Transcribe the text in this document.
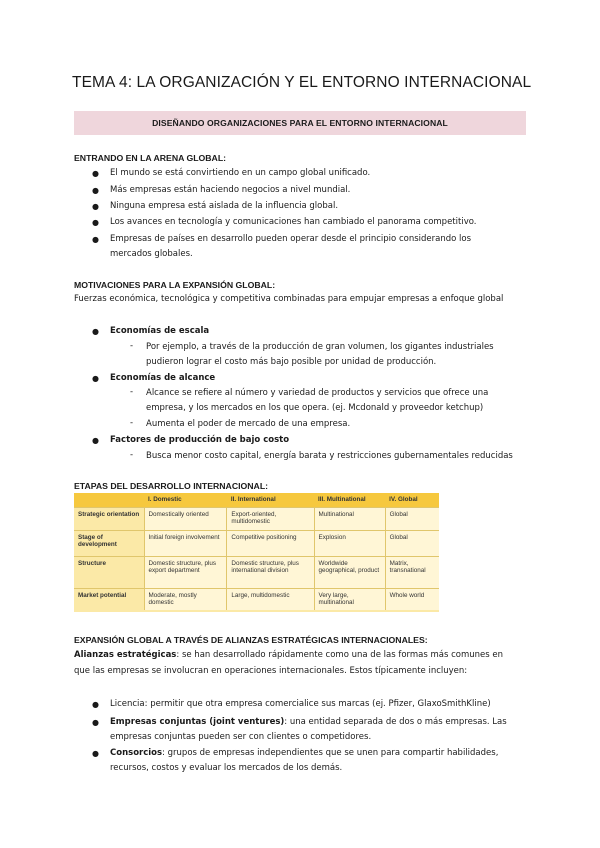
TEMA 4: LA ORGANIZACIÓN Y EL ENTORNO INTERNACIONAL
DISEÑANDO ORGANIZACIONES PARA EL ENTORNO INTERNACIONAL
ENTRANDO EN LA ARENA GLOBAL:
● El mundo se está convirtiendo en un campo global unificado.
● Más empresas están haciendo negocios a nivel mundial.
● Ninguna empresa está aislada de la influencia global.
● Los avances en tecnología y comunicaciones han cambiado el panorama competitivo.
● Empresas de países en desarrollo pueden operar desde el principio considerando los
mercados globales.
MOTIVACIONES PARA LA EXPANSIÓN GLOBAL:
Fuerzas económica, tecnológica y competitiva combinadas para empujar empresas a enfoque global
● Economías de escala
- Por ejemplo, a través de la producción de gran volumen, los gigantes industriales
pudieron lograr el costo más bajo posible por unidad de producción.
● Economías de alcance
- Alcance se refiere al número y variedad de productos y servicios que ofrece una
empresa, y los mercados en los que opera. (ej. Mcdonald y proveedor ketchup)
- Aumenta el poder de mercado de una empresa.
● Factores de producción de bajo costo
- Busca menor costo capital, energía barata y restricciones gubernamentales reducidas
ETAPAS DEL DESARROLLO INTERNACIONAL:
	I. Domestic	II. International	III. Multinational	IV. Global
Strategic orientation	Domestically oriented	Export-oriented, multidomestic	Multinational	Global
Stage of development	Initial foreign involvement	Competitive positioning	Explosion	Global
Structure	Domestic structure, plus export department	Domestic structure, plus international division	Worldwide geographical, product	Matrix, transnational
Market potential	Moderate, mostly domestic	Large, multidomestic	Very large, multinational	Whole world
EXPANSIÓN GLOBAL A TRAVÉS DE ALIANZAS ESTRATÉGICAS INTERNACIONALES:
Alianzas estratégicas: se han desarrollado rápidamente como una de las formas más comunes en
que las empresas se involucran en operaciones internacionales. Estos típicamente incluyen:
● Licencia: permitir que otra empresa comercialice sus marcas (ej. Pfizer, GlaxoSmithKline)
● Empresas conjuntas (joint ventures): una entidad separada de dos o más empresas. Las
empresas conjuntas pueden ser con clientes o competidores.
● Consorcios: grupos de empresas independientes que se unen para compartir habilidades,
recursos, costos y evaluar los mercados de los demás.
